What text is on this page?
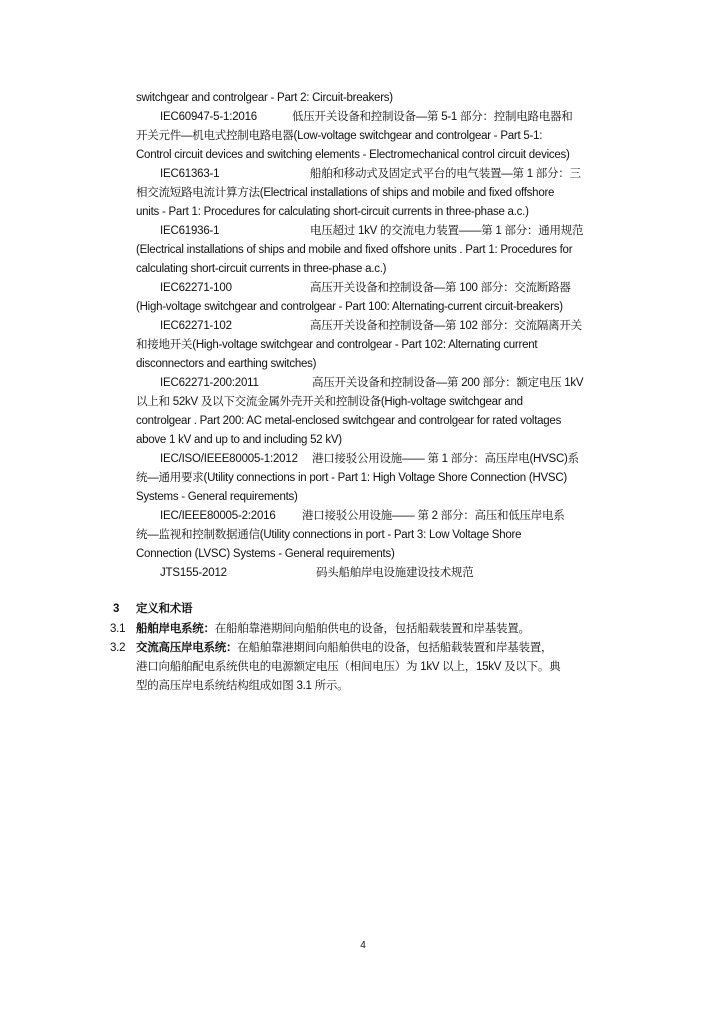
switchgear and controlgear - Part 2: Circuit-breakers)
IEC60947-5-1:2016	低压开关设备和控制设备—第 5-1 部分：控制电路电器和
开关元件—机电式控制电路电器(Low-voltage switchgear and controlgear - Part 5-1:
Control circuit devices and switching elements - Electromechanical control circuit devices)
IEC61363-1	船舶和移动式及固定式平台的电气装置—第 1 部分：三
相交流短路电流计算方法(Electrical installations of ships and mobile and fixed offshore
units - Part 1: Procedures for calculating short-circuit currents in three-phase a.c.)
IEC61936-1	电压超过 1kV 的交流电力装置——第 1 部分：通用规范
(Electrical installations of ships and mobile and fixed offshore units . Part 1: Procedures for
calculating short-circuit currents in three-phase a.c.)
IEC62271-100	高压开关设备和控制设备—第 100 部分：交流断路器
(High-voltage switchgear and controlgear - Part 100: Alternating-current circuit-breakers)
IEC62271-102	高压开关设备和控制设备—第 102 部分：交流隔离开关
和接地开关(High-voltage switchgear and controlgear - Part 102: Alternating current
disconnectors and earthing switches)
IEC62271-200:2011	高压开关设备和控制设备—第 200 部分：额定电压 1kV
以上和 52kV 及以下交流金属外壳开关和控制设备(High-voltage switchgear and
controlgear . Part 200: AC metal-enclosed switchgear and controlgear for rated voltages
above 1 kV and up to and including 52 kV)
IEC/ISO/IEEE80005-1:2012 港口接驳公用设施—— 第 1 部分：高压岸电(HVSC)系
统—通用要求(Utility connections in port - Part 1: High Voltage Shore Connection (HVSC)
Systems - General requirements)
IEC/IEEE80005-2:2016 港口接驳公用设施—— 第 2 部分：高压和低压岸电系
统—监视和控制数据通信(Utility connections in port - Part 3: Low Voltage Shore
Connection (LVSC) Systems - General requirements)
JTS155-2012	码头船舶岸电设施建设技术规范
3 定义和术语
3.1 船舶岸电系统：在船舶靠港期间向船舶供电的设备，包括船载装置和岸基装置。
3.2 交流高压岸电系统：在船舶靠港期间向船舶供电的设备，包括船载装置和岸基装置，
港口向船舶配电系统供电的电源额定电压（相间电压）为 1kV 以上，15kV 及以下。典
型的高压岸电系统结构组成如图 3.1 所示。
4
